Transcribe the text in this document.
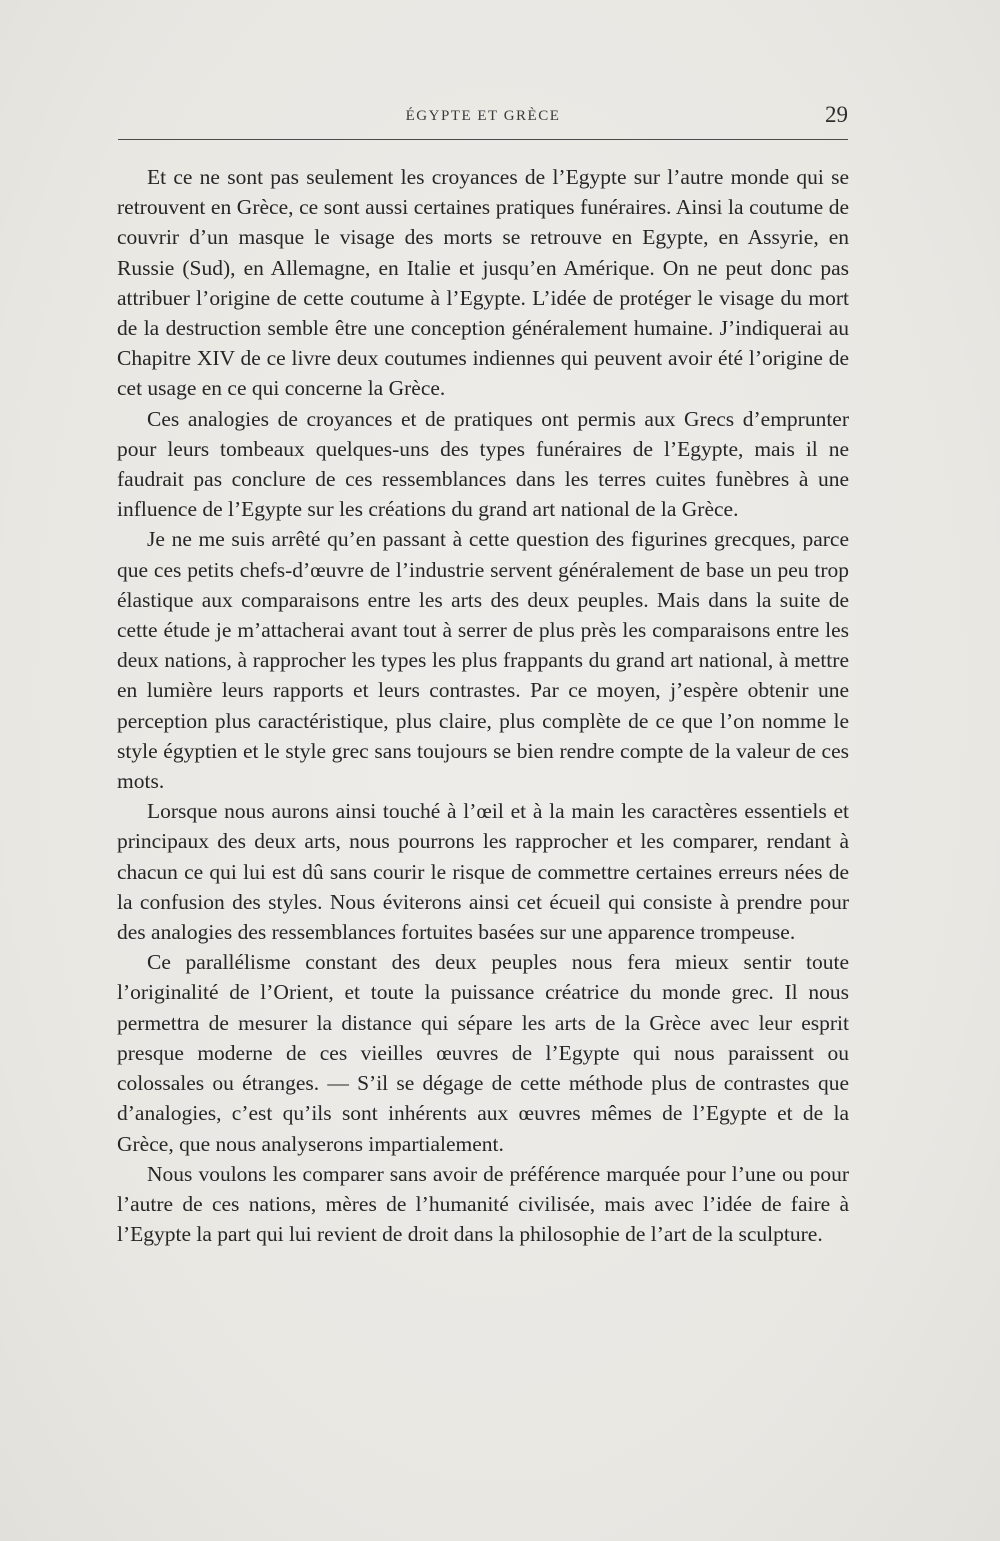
ÉGYPTE ET GRÈCE	29

Et ce ne sont pas seulement les croyances de l’Egypte sur l’autre monde qui se retrouvent en Grèce, ce sont aussi certaines pratiques funéraires. Ainsi la coutume de couvrir d’un masque le visage des morts se retrouve en Egypte, en Assyrie, en Russie (Sud), en Allemagne, en Italie et jusqu’en Amérique. On ne peut donc pas attribuer l’origine de cette coutume à l’Egypte. L’idée de protéger le visage du mort de la destruction semble être une conception généralement humaine. J’indiquerai au Chapitre XIV de ce livre deux coutumes indiennes qui peuvent avoir été l’origine de cet usage en ce qui concerne la Grèce.

Ces analogies de croyances et de pratiques ont permis aux Grecs d’emprunter pour leurs tombeaux quelques-uns des types funéraires de l’Egypte, mais il ne faudrait pas conclure de ces ressemblances dans les terres cuites funèbres à une influence de l’Egypte sur les créations du grand art national de la Grèce.

Je ne me suis arrêté qu’en passant à cette question des figurines grecques, parce que ces petits chefs-d’œuvre de l’industrie servent généralement de base un peu trop élastique aux comparaisons entre les arts des deux peuples. Mais dans la suite de cette étude je m’attacherai avant tout à serrer de plus près les comparaisons entre les deux nations, à rapprocher les types les plus frappants du grand art national, à mettre en lumière leurs rapports et leurs contrastes. Par ce moyen, j’espère obtenir une perception plus caractéristique, plus claire, plus complète de ce que l’on nomme le style égyptien et le style grec sans toujours se bien rendre compte de la valeur de ces mots.

Lorsque nous aurons ainsi touché à l’œil et à la main les caractères essentiels et principaux des deux arts, nous pourrons les rapprocher et les comparer, rendant à chacun ce qui lui est dû sans courir le risque de commettre certaines erreurs nées de la confusion des styles. Nous éviterons ainsi cet écueil qui consiste à prendre pour des analogies des ressemblances fortuites basées sur une apparence trompeuse.

Ce parallélisme constant des deux peuples nous fera mieux sentir toute l’originalité de l’Orient, et toute la puissance créatrice du monde grec. Il nous permettra de mesurer la distance qui sépare les arts de la Grèce avec leur esprit presque moderne de ces vieilles œuvres de l’Egypte qui nous paraissent ou colossales ou étranges. — S’il se dégage de cette méthode plus de contrastes que d’analogies, c’est qu’ils sont inhérents aux œuvres mêmes de l’Egypte et de la Grèce, que nous analyserons impartialement.

Nous voulons les comparer sans avoir de préférence marquée pour l’une ou pour l’autre de ces nations, mères de l’humanité civilisée, mais avec l’idée de faire à l’Egypte la part qui lui revient de droit dans la philosophie de l’art de la sculpture.
